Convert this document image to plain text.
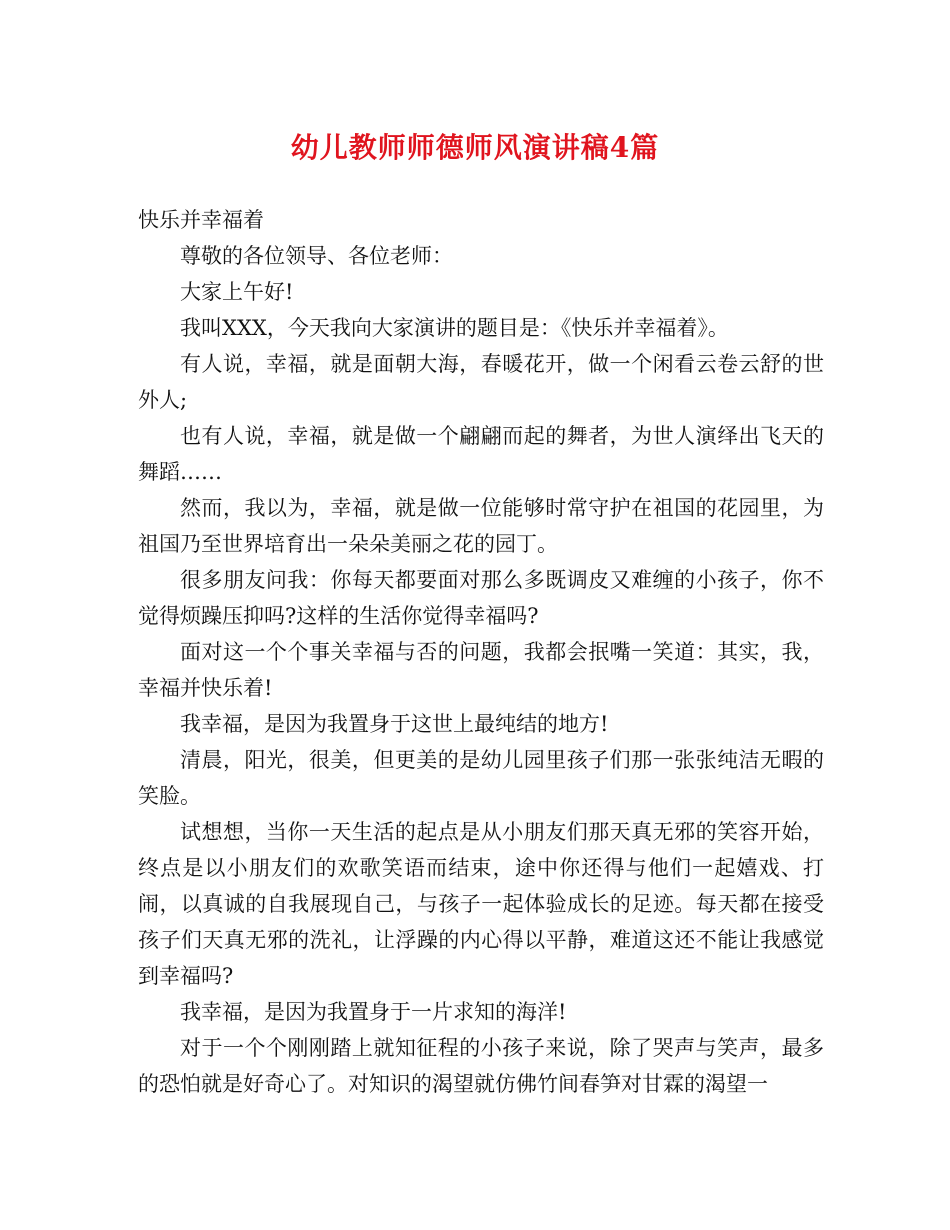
幼儿教师师德师风演讲稿4篇

快乐并幸福着

尊敬的各位领导、各位老师：

大家上午好!

我叫XXX，今天我向大家演讲的题目是：《快乐并幸福着》。

有人说，幸福，就是面朝大海，春暖花开，做一个闲看云卷云舒的世外人;

也有人说，幸福，就是做一个翩翩而起的舞者，为世人演绎出飞天的舞蹈……

然而，我以为，幸福，就是做一位能够时常守护在祖国的花园里，为祖国乃至世界培育出一朵朵美丽之花的园丁。

很多朋友问我：你每天都要面对那么多既调皮又难缠的小孩子，你不觉得烦躁压抑吗?这样的生活你觉得幸福吗?

面对这一个个事关幸福与否的问题，我都会抿嘴一笑道：其实，我，幸福并快乐着!

我幸福，是因为我置身于这世上最纯结的地方!

清晨，阳光，很美，但更美的是幼儿园里孩子们那一张张纯洁无暇的笑脸。

试想想，当你一天生活的起点是从小朋友们那天真无邪的笑容开始，终点是以小朋友们的欢歌笑语而结束，途中你还得与他们一起嬉戏、打闹，以真诚的自我展现自己，与孩子一起体验成长的足迹。每天都在接受孩子们天真无邪的洗礼，让浮躁的内心得以平静，难道这还不能让我感觉到幸福吗?

我幸福，是因为我置身于一片求知的海洋!

对于一个个刚刚踏上就知征程的小孩子来说，除了哭声与笑声，最多的恐怕就是好奇心了。对知识的渴望就仿佛竹间春笋对甘霖的渴望一
